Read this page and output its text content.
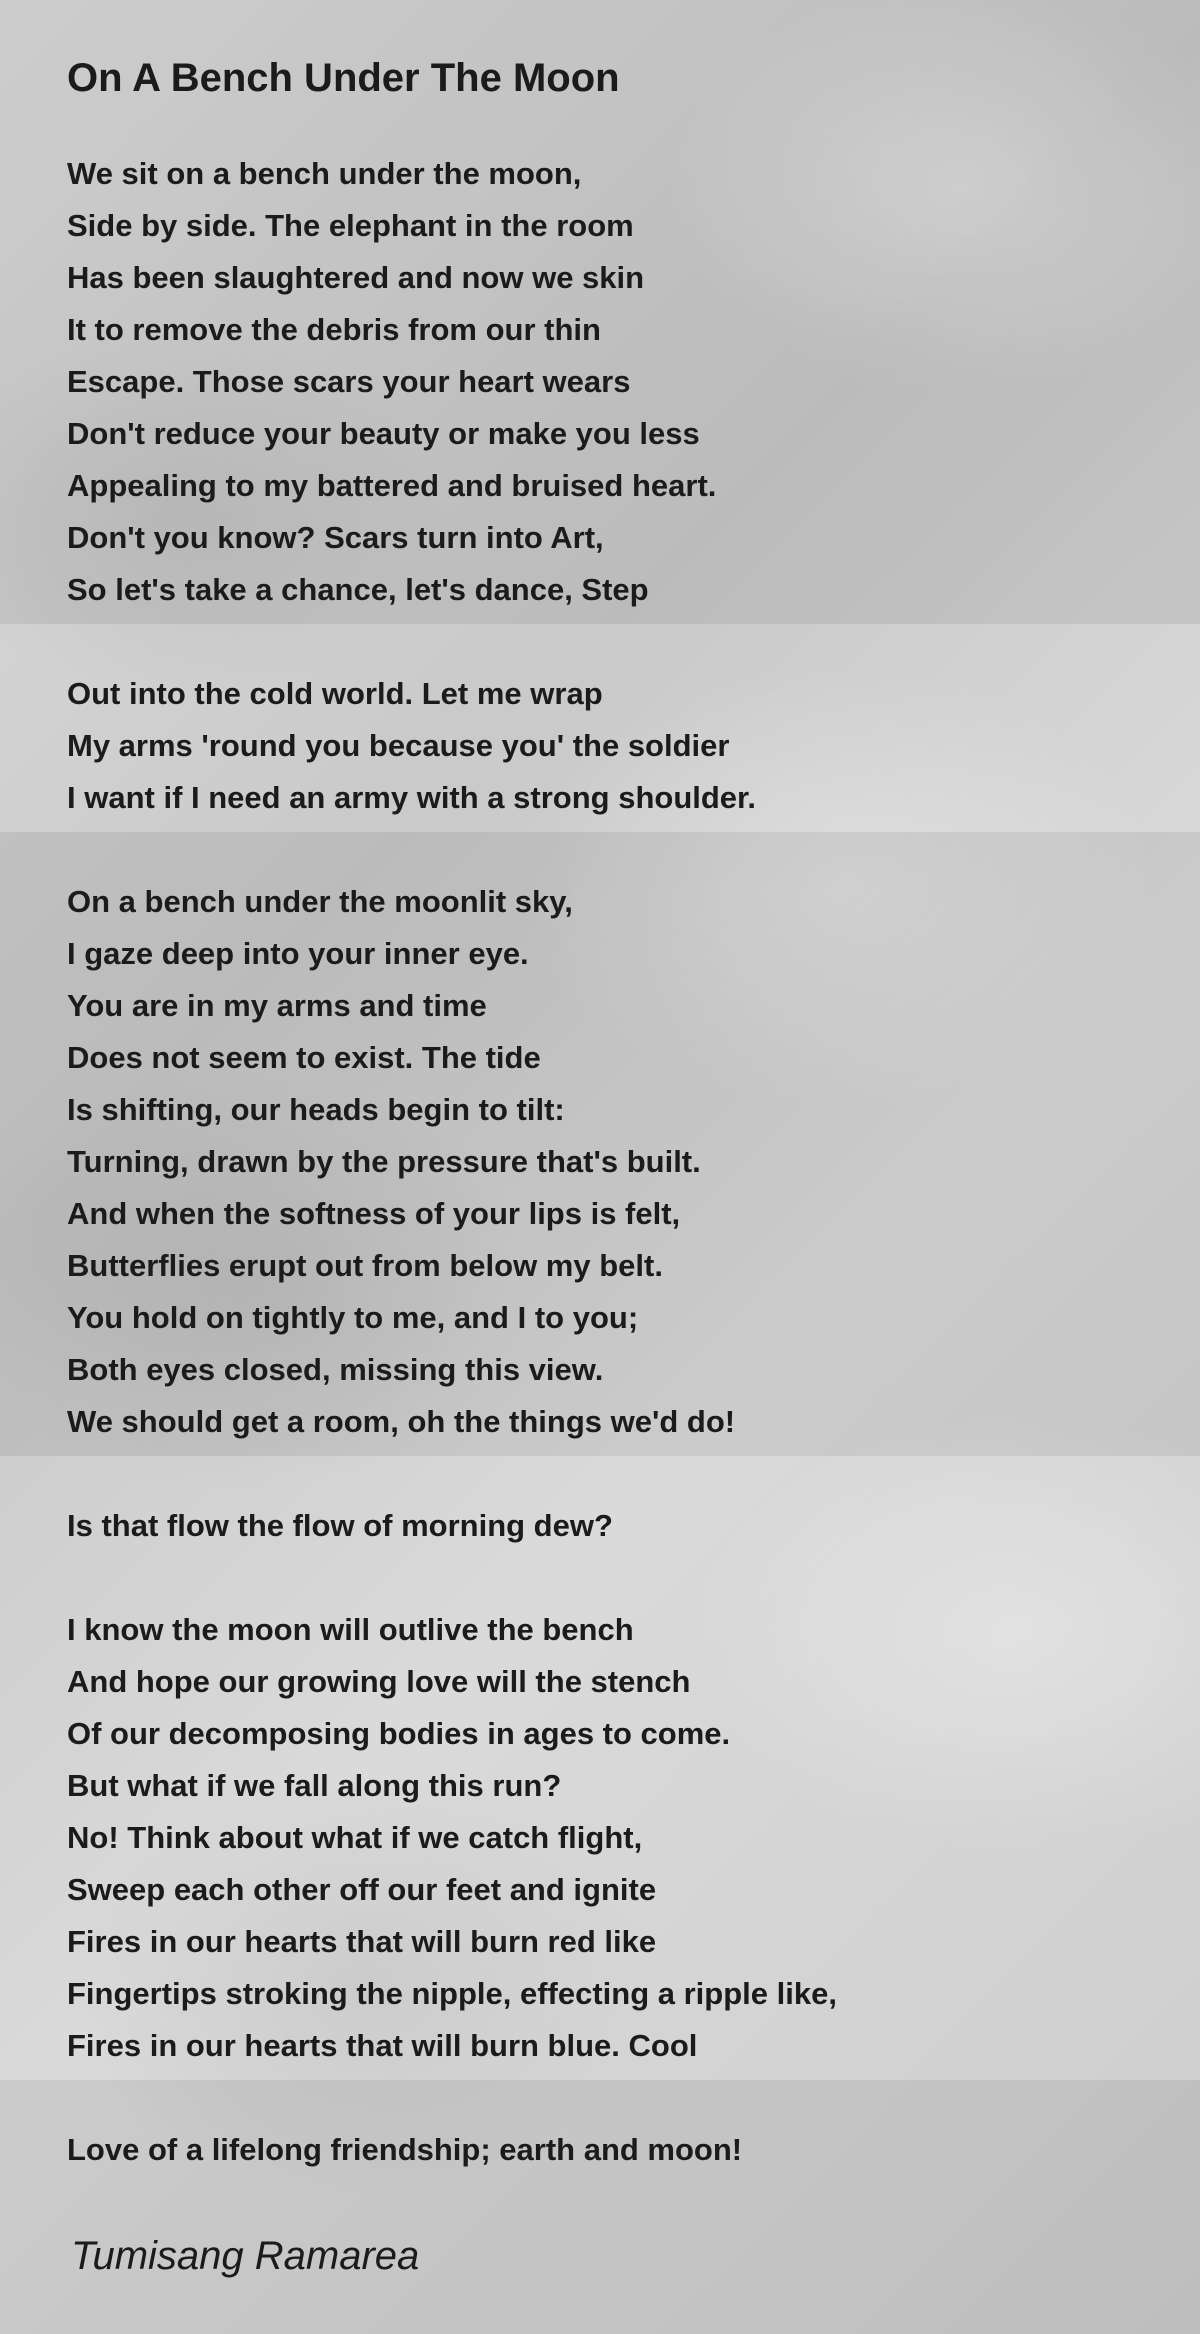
On A Bench Under The Moon
We sit on a bench under the moon,
Side by side. The elephant in the room
Has been slaughtered and now we skin
It to remove the debris from our thin
Escape. Those scars your heart wears
Don't reduce your beauty or make you less
Appealing to my battered and bruised heart.
Don't you know? Scars turn into Art,
So let's take a chance, let's dance, Step
Out into the cold world. Let me wrap
My arms 'round you because you' the soldier
I want if I need an army with a strong shoulder.
On a bench under the moonlit sky,
I gaze deep into your inner eye.
You are in my arms and time
Does not seem to exist. The tide
Is shifting, our heads begin to tilt:
Turning, drawn by the pressure that's built.
And when the softness of your lips is felt,
Butterflies erupt out from below my belt.
You hold on tightly to me, and I to you;
Both eyes closed, missing this view.
We should get a room, oh the things we'd do!
Is that flow the flow of morning dew?
I know the moon will outlive the bench
And hope our growing love will the stench
Of our decomposing bodies in ages to come.
But what if we fall along this run?
No! Think about what if we catch flight,
Sweep each other off our feet and ignite
Fires in our hearts that will burn red like
Fingertips stroking the nipple, effecting a ripple like,
Fires in our hearts that will burn blue. Cool
Love of a lifelong friendship; earth and moon!
Tumisang Ramarea
